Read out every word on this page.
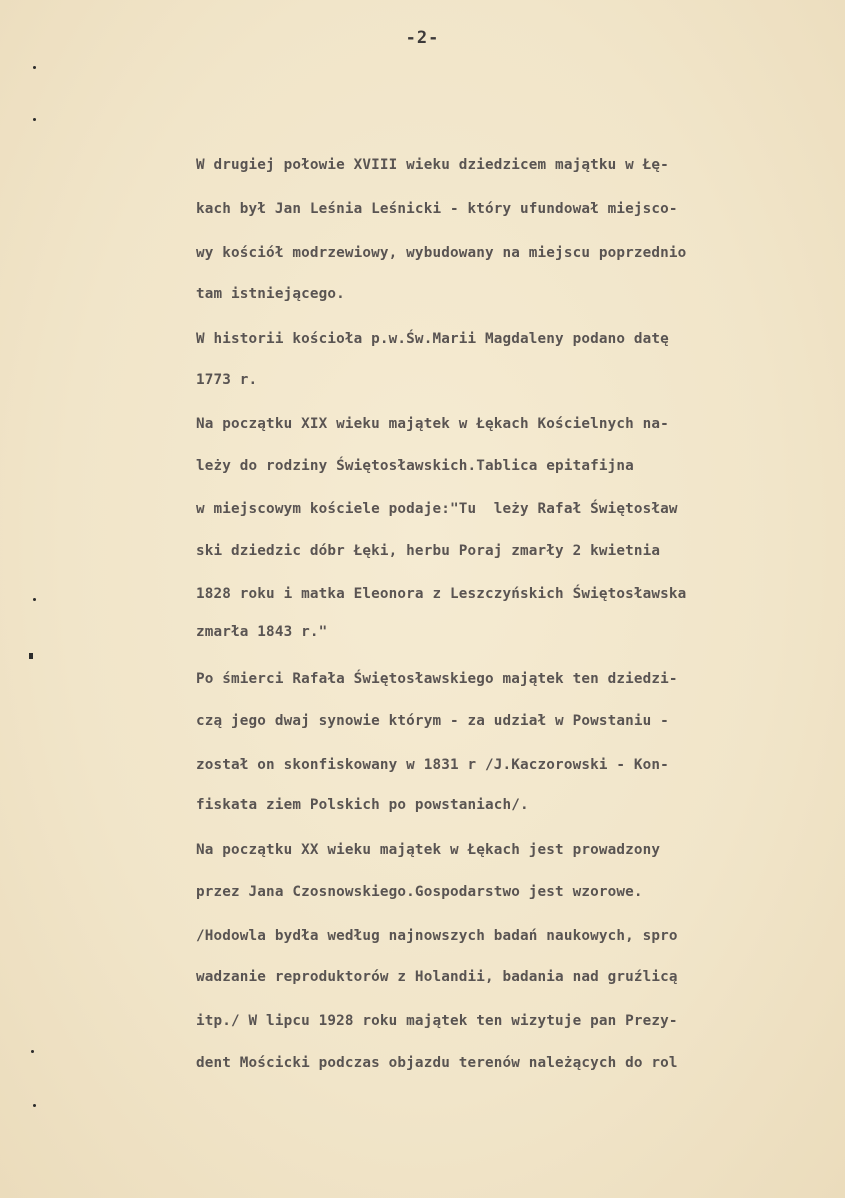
-2-
W drugiej połowie XVIII wieku dziedzicem majątku w Łę-
kach był Jan Leśnia Leśnicki - który ufundował miejsco-
wy kościół modrzewiowy, wybudowany na miejscu poprzednio
tam istniejącego.
W historii kościoła p.w.Św.Marii Magdaleny podano datę
1773 r.
Na początku XIX wieku majątek w Łękach Kościelnych na-
leży do rodziny Świętosławskich.Tablica epitafijna
w miejscowym kościele podaje:"Tu  leży Rafał Świętosław
ski dziedzic dóbr Łęki, herbu Poraj zmarły 2 kwietnia
1828 roku i matka Eleonora z Leszczyńskich Świętosławska
zmarła 1843 r."
Po śmierci Rafała Świętosławskiego majątek ten dziedzi-
czą jego dwaj synowie którym - za udział w Powstaniu -
został on skonfiskowany w 1831 r /J.Kaczorowski - Kon-
fiskata ziem Polskich po powstaniach/.
Na początku XX wieku majątek w Łękach jest prowadzony
przez Jana Czosnowskiego.Gospodarstwo jest wzorowe.
/Hodowla bydła według najnowszych badań naukowych, spro
wadzanie reproduktorów z Holandii, badania nad gruźlicą
itp./ W lipcu 1928 roku majątek ten wizytuje pan Prezy-
dent Mościcki podczas objazdu terenów należących do rol
